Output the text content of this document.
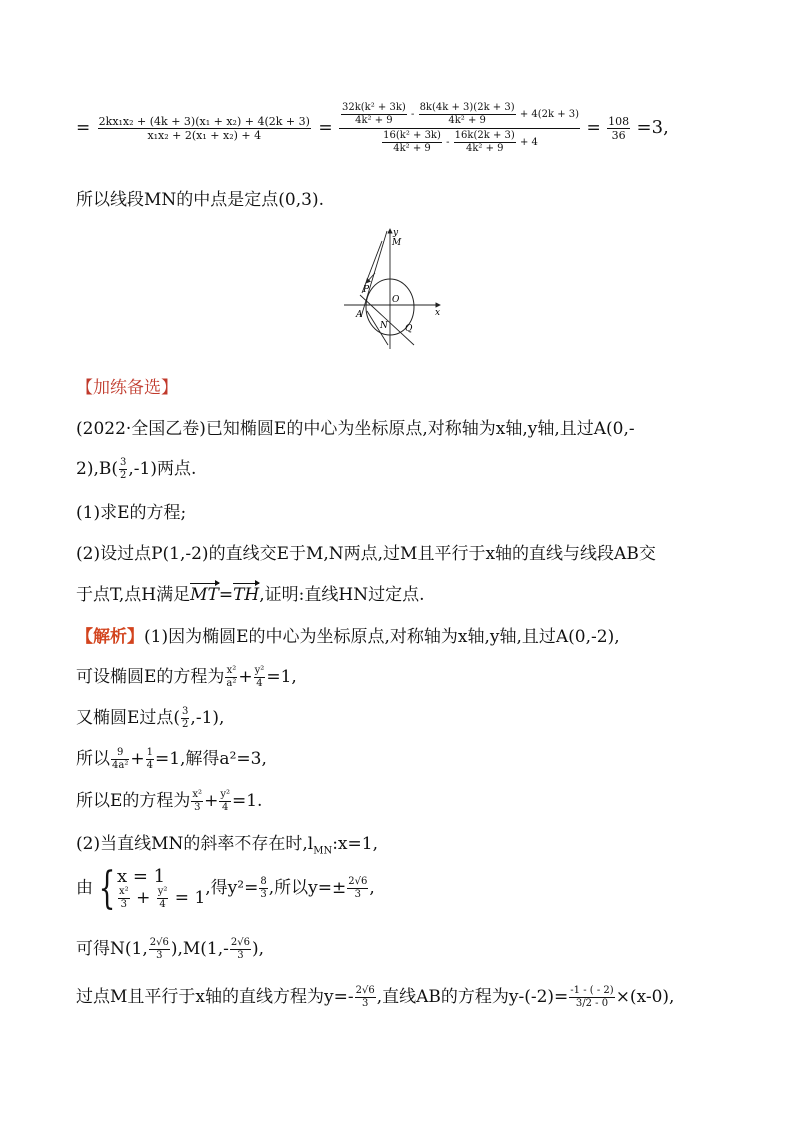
= $\frac{\text{2kx₁x₂ + (4k + 3)(x₁ + x₂) + 4(2k + 3)}}{\text{x₁x₂ + 2(x₁ + x₂) + 4}}$ =
$\frac{\text{32k(k² + 3k)}}{\text{4k² + 9}} - \frac{8k(4k + 3)(2k + 3)}{\text{4k² + 9}} + 4(2k + 3)$
$\frac{\text{16(k² + 3k)}}{\text{4k² + 9}} - \frac{16k(2k + 3)}{\text{4k² + 9}} + 4$
= $\frac{108}{36} =3$,
所以线段MN的中点是定点(0,3).
y
M
P
O
x
A
N Q
【加练备选】
(2022·全国乙卷)已知椭圆E的中心为坐标原点,对称轴为x轴,y轴,且过A(0,-
$2),B( \frac{3}{2} ,-1)$两点.
(1)求E的方程;
(2)设过点P(1,-2)的直线交E于M,N两点,过M且平行于x轴的直线与线段AB交
于点T,点H满足MT=TH,证明:直线HN过定点.
【解析】(1)因为椭圆E的中心为坐标原点,对称轴为x轴,y轴,且过A(0,-2),
可设椭圆E的方程为 $\frac{\text{x²}}{\text{a²}} + \frac{\text{y²}}{4} =1$,
又椭圆E过点( $\frac{3}{2} ,-1$),
所以 $\frac{9}{\text{4a²}} + \frac{1}{4} =1$,解得a²=3,
所以E的方程为 $\frac{\text{x²}}{3} + \frac{\text{y²}}{4} =1$.
(2)当直线MN的斜率不存在时$,l_{MN}:x=1$,
由 { x = 1
$\frac{\text{x²}}{3} + \frac{\text{y²}}{4} = 1$
,得$y^2= \frac{8}{3}$ ,所以$y=\pm \frac{2√6}{3}$ ,
可得N(1, $\frac{2√6}{3} ),M(1,- \frac{2√6}{3}$ ),
过点M且平行于x轴的直线方程为$y=- \frac{2√6}{3}$ ,直线AB的方程为$y-(-2)= \frac{-1 - ( - 2)}{3/2 - 0} \times(x-0)$,
